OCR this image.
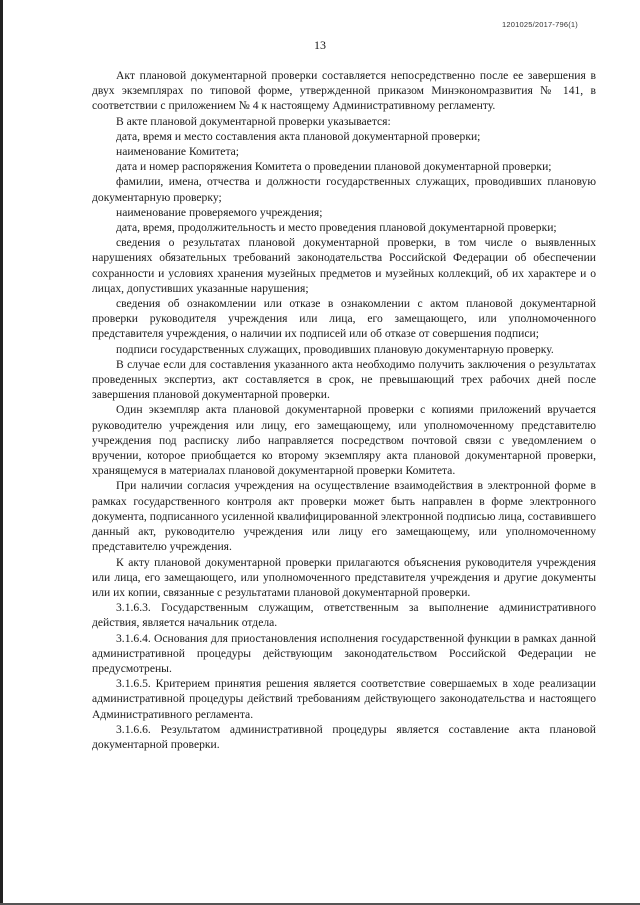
1201025/2017-796(1)
13

Акт плановой документарной проверки составляется непосредственно после ее завершения в двух экземплярах по типовой форме, утвержденной приказом Минэкономразвития № 141, в соответствии с приложением № 4 к настоящему Административному регламенту.

В акте плановой документарной проверки указывается:

дата, время и место составления акта плановой документарной проверки;

наименование Комитета;

дата и номер распоряжения Комитета о проведении плановой документарной проверки;

фамилии, имена, отчества и должности государственных служащих, проводивших плановую документарную проверку;

наименование проверяемого учреждения;

дата, время, продолжительность и место проведения плановой документарной проверки;

сведения о результатах плановой документарной проверки, в том числе о выявленных нарушениях обязательных требований законодательства Российской Федерации об обеспечении сохранности и условиях хранения музейных предметов и музейных коллекций, об их характере и о лицах, допустивших указанные нарушения;

сведения об ознакомлении или отказе в ознакомлении с актом плановой документарной проверки руководителя учреждения или лица, его замещающего, или уполномоченного представителя учреждения, о наличии их подписей или об отказе от совершения подписи;

подписи государственных служащих, проводивших плановую документарную проверку.

В случае если для составления указанного акта необходимо получить заключения о результатах проведенных экспертиз, акт составляется в срок, не превышающий трех рабочих дней после завершения плановой документарной проверки.

Один экземпляр акта плановой документарной проверки с копиями приложений вручается руководителю учреждения или лицу, его замещающему, или уполномоченному представителю учреждения под расписку либо направляется посредством почтовой связи с уведомлением о вручении, которое приобщается ко второму экземпляру акта плановой документарной проверки, хранящемуся в материалах плановой документарной проверки Комитета.

При наличии согласия учреждения на осуществление взаимодействия в электронной форме в рамках государственного контроля акт проверки может быть направлен в форме электронного документа, подписанного усиленной квалифицированной электронной подписью лица, составившего данный акт, руководителю учреждения или лицу его замещающему, или уполномоченному представителю учреждения.

К акту плановой документарной проверки прилагаются объяснения руководителя учреждения или лица, его замещающего, или уполномоченного представителя учреждения и другие документы или их копии, связанные с результатами плановой документарной проверки.

3.1.6.3. Государственным служащим, ответственным за выполнение административного действия, является начальник отдела.

3.1.6.4. Основания для приостановления исполнения государственной функции в рамках данной административной процедуры действующим законодательством Российской Федерации не предусмотрены.

3.1.6.5. Критерием принятия решения является соответствие совершаемых в ходе реализации административной процедуры действий требованиям действующего законодательства и настоящего Административного регламента.

3.1.6.6. Результатом административной процедуры является составление акта плановой документарной проверки.
